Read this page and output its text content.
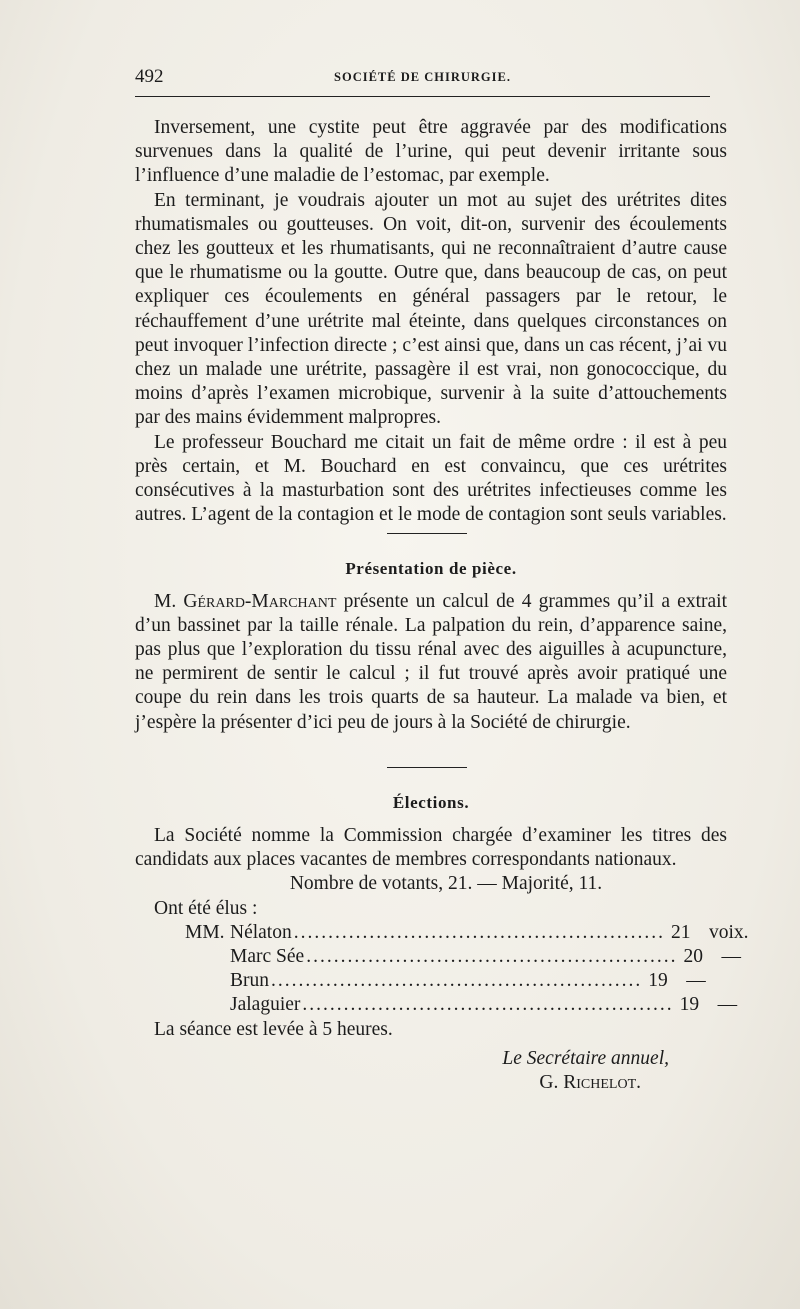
492	SOCIÉTÉ DE CHIRURGIE.

Inversement, une cystite peut être aggravée par des modifications survenues dans la qualité de l’urine, qui peut devenir irritante sous l’influence d’une maladie de l’estomac, par exemple.

En terminant, je voudrais ajouter un mot au sujet des urétrites dites rhumatismales ou goutteuses. On voit, dit-on, survenir des écoulements chez les goutteux et les rhumatisants, qui ne reconnaîtraient d’autre cause que le rhumatisme ou la goutte. Outre que, dans beaucoup de cas, on peut expliquer ces écoulements en général passagers par le retour, le réchauffement d’une urétrite mal éteinte, dans quelques circonstances on peut invoquer l’infection directe ; c’est ainsi que, dans un cas récent, j’ai vu chez un malade une urétrite, passagère il est vrai, non gonococcique, du moins d’après l’examen microbique, survenir à la suite d’attouchements par des mains évidemment malpropres.

Le professeur Bouchard me citait un fait de même ordre : il est à peu près certain, et M. Bouchard en est convaincu, que ces urétrites consécutives à la masturbation sont des urétrites infectieuses comme les autres. L’agent de la contagion et le mode de contagion sont seuls variables.

Présentation de pièce.

M. Gérard-Marchant présente un calcul de 4 grammes qu’il a extrait d’un bassinet par la taille rénale. La palpation du rein, d’apparence saine, pas plus que l’exploration du tissu rénal avec des aiguilles à acupuncture, ne permirent de sentir le calcul ; il fut trouvé après avoir pratiqué une coupe du rein dans les trois quarts de sa hauteur. La malade va bien, et j’espère la présenter d’ici peu de jours à la Société de chirurgie.

Élections.

La Société nomme la Commission chargée d’examiner les titres des candidats aux places vacantes de membres correspondants nationaux.

Nombre de votants, 21. — Majorité, 11.
Ont été élus :
MM. Nélaton ...................................................... 21 voix.
Marc Sée ...................................................... 20 —
Brun ...................................................... 19 —
Jalaguier ...................................................... 19 —
La séance est levée à 5 heures.
Le Secrétaire annuel,
G. Richelot.
